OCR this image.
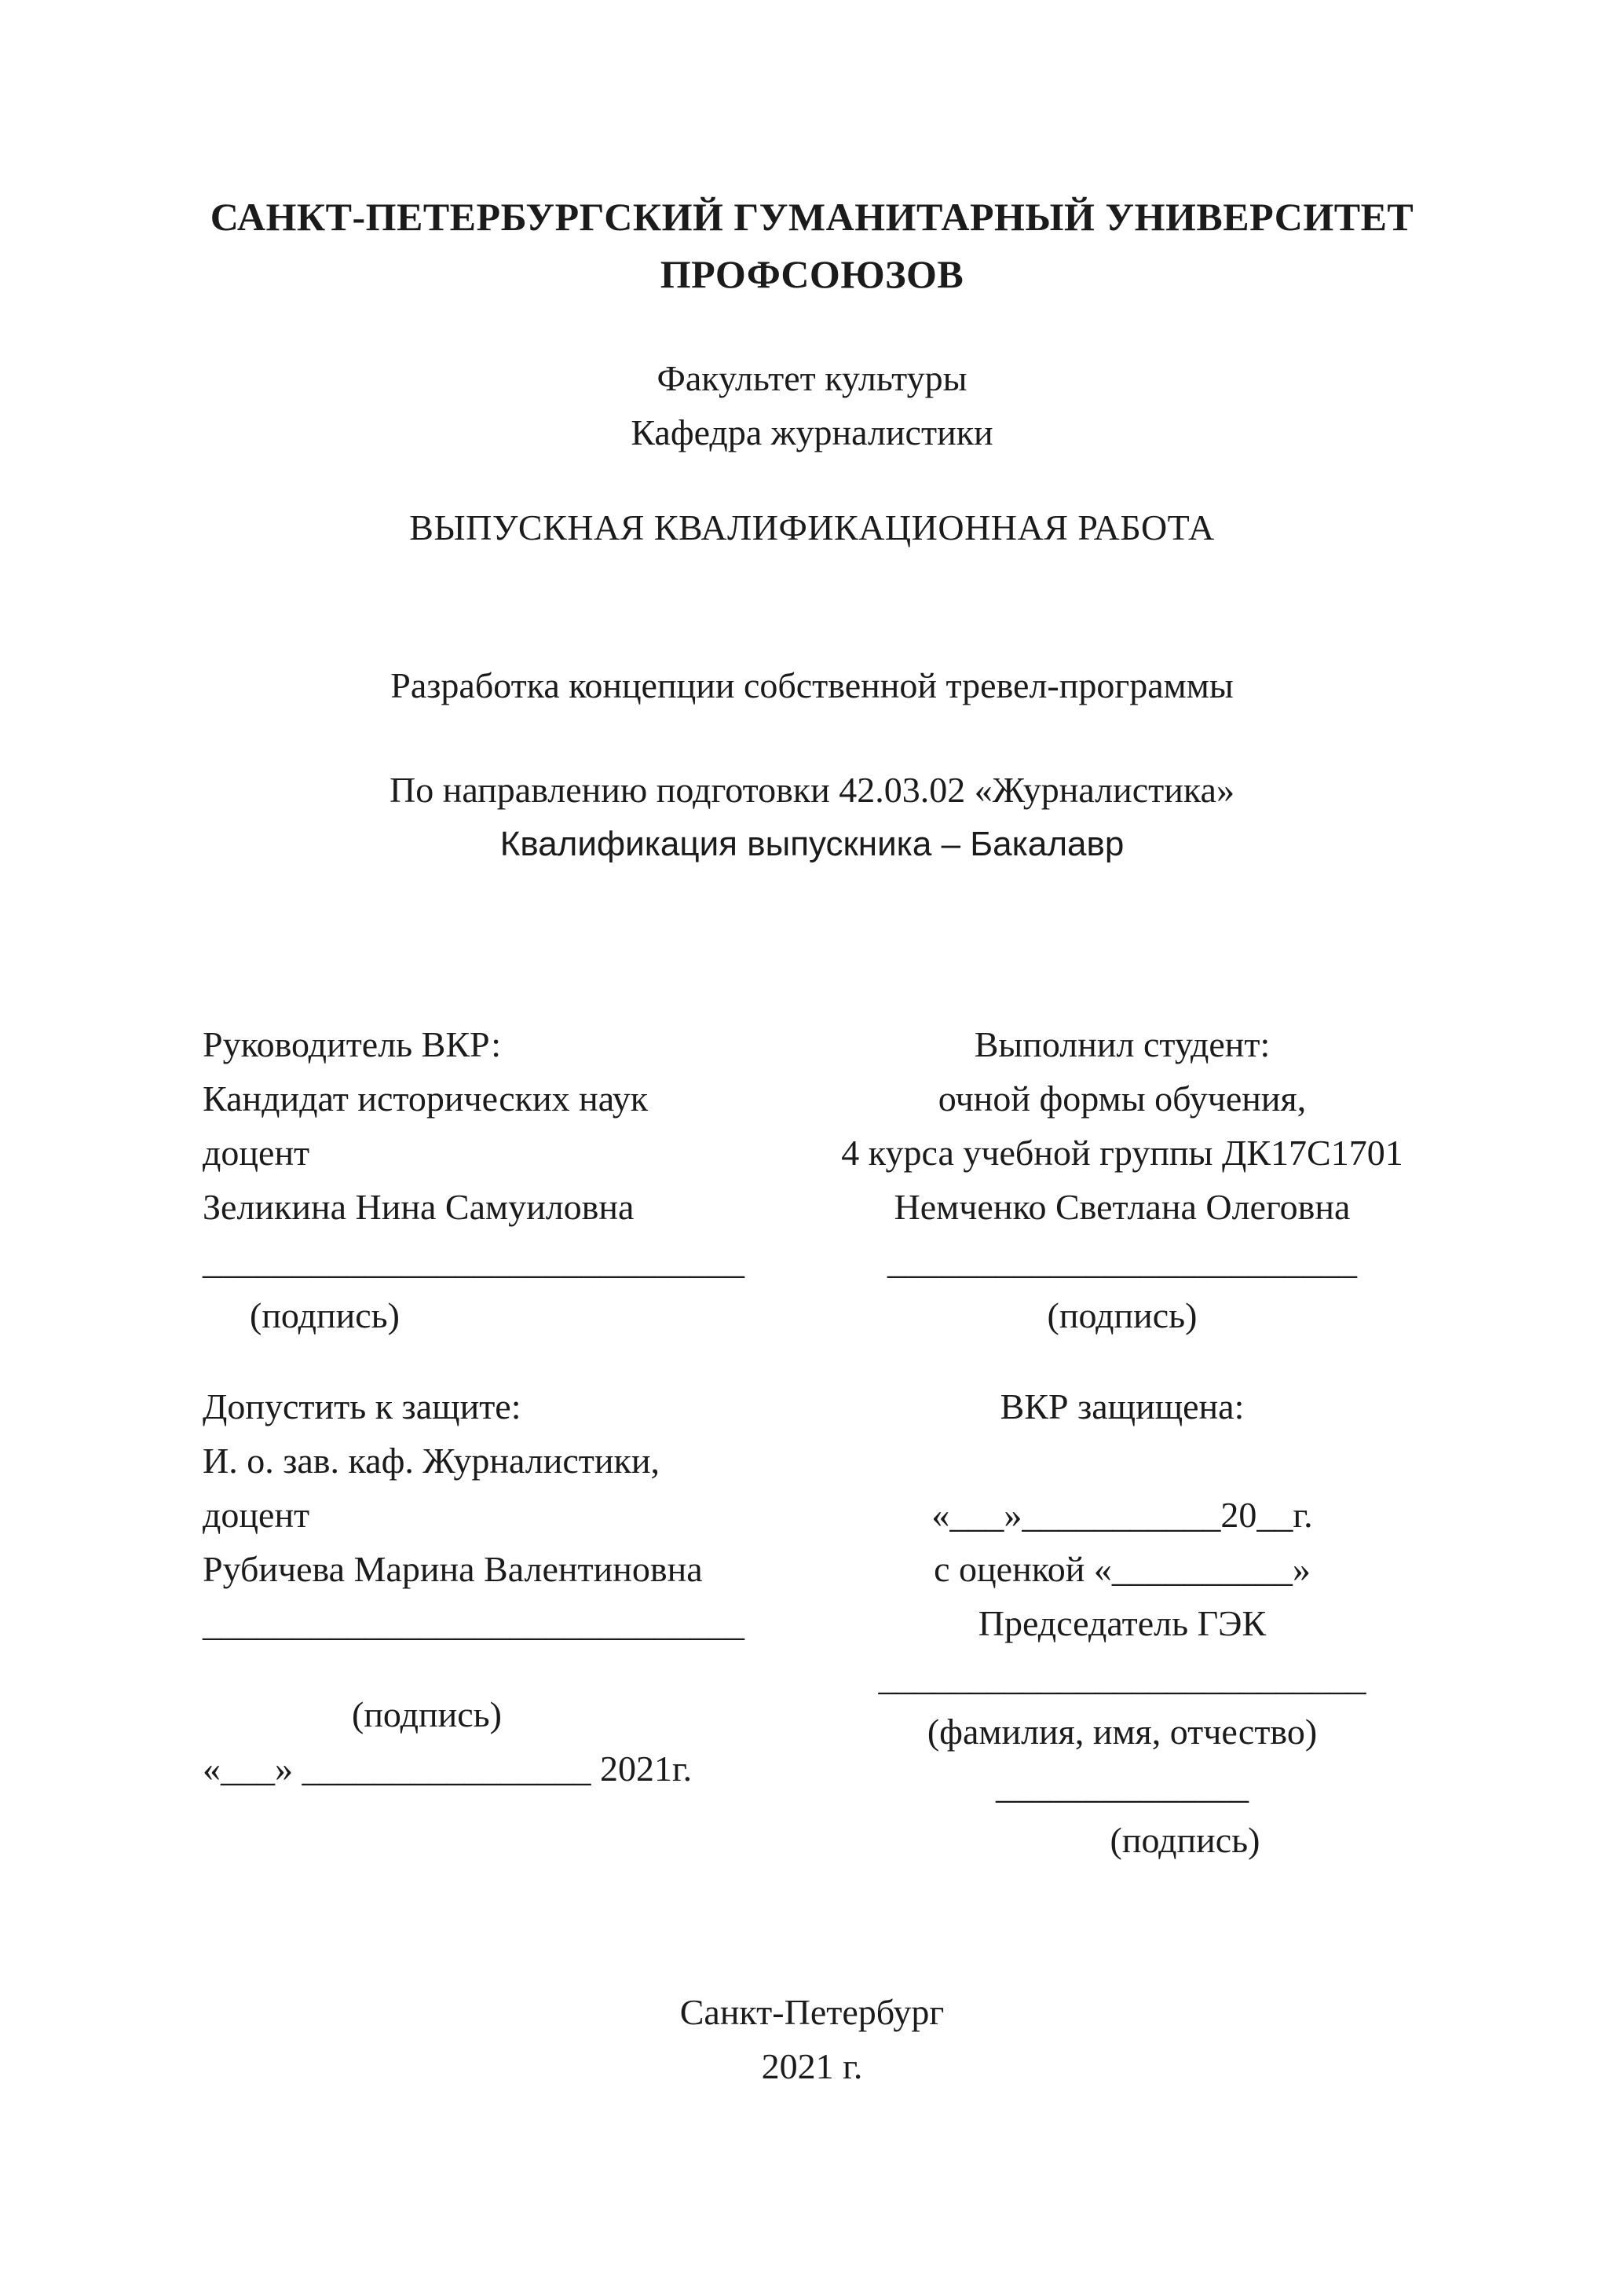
САНКТ-ПЕТЕРБУРГСКИЙ ГУМАНИТАРНЫЙ УНИВЕРСИТЕТ
ПРОФСОЮЗОВ
Факультет культуры
Кафедра журналистики
ВЫПУСКНАЯ КВАЛИФИКАЦИОННАЯ РАБОТА
Разработка концепции собственной тревел-программы
По направлению подготовки 42.03.02 «Журналистика»
Квалификация выпускника – Бакалавр
Руководитель ВКР:
Кандидат исторических наук
доцент
Зеликина Нина Самуиловна
______________________________
(подпись)
Допустить к защите:
И. о. зав. каф. Журналистики,
доцент
Рубичева Марина Валентиновна
______________________________
(подпись)
«___» ________________ 2021г.
Выполнил студент:
очной формы обучения,
4 курса учебной группы ДК17С1701
Немченко Светлана Олеговна
__________________________
(подпись)
ВКР защищена:
«___»___________20__г.
с оценкой «__________»
Председатель ГЭК
___________________________
(фамилия, имя, отчество)
______________
(подпись)
Санкт-Петербург
2021 г.
